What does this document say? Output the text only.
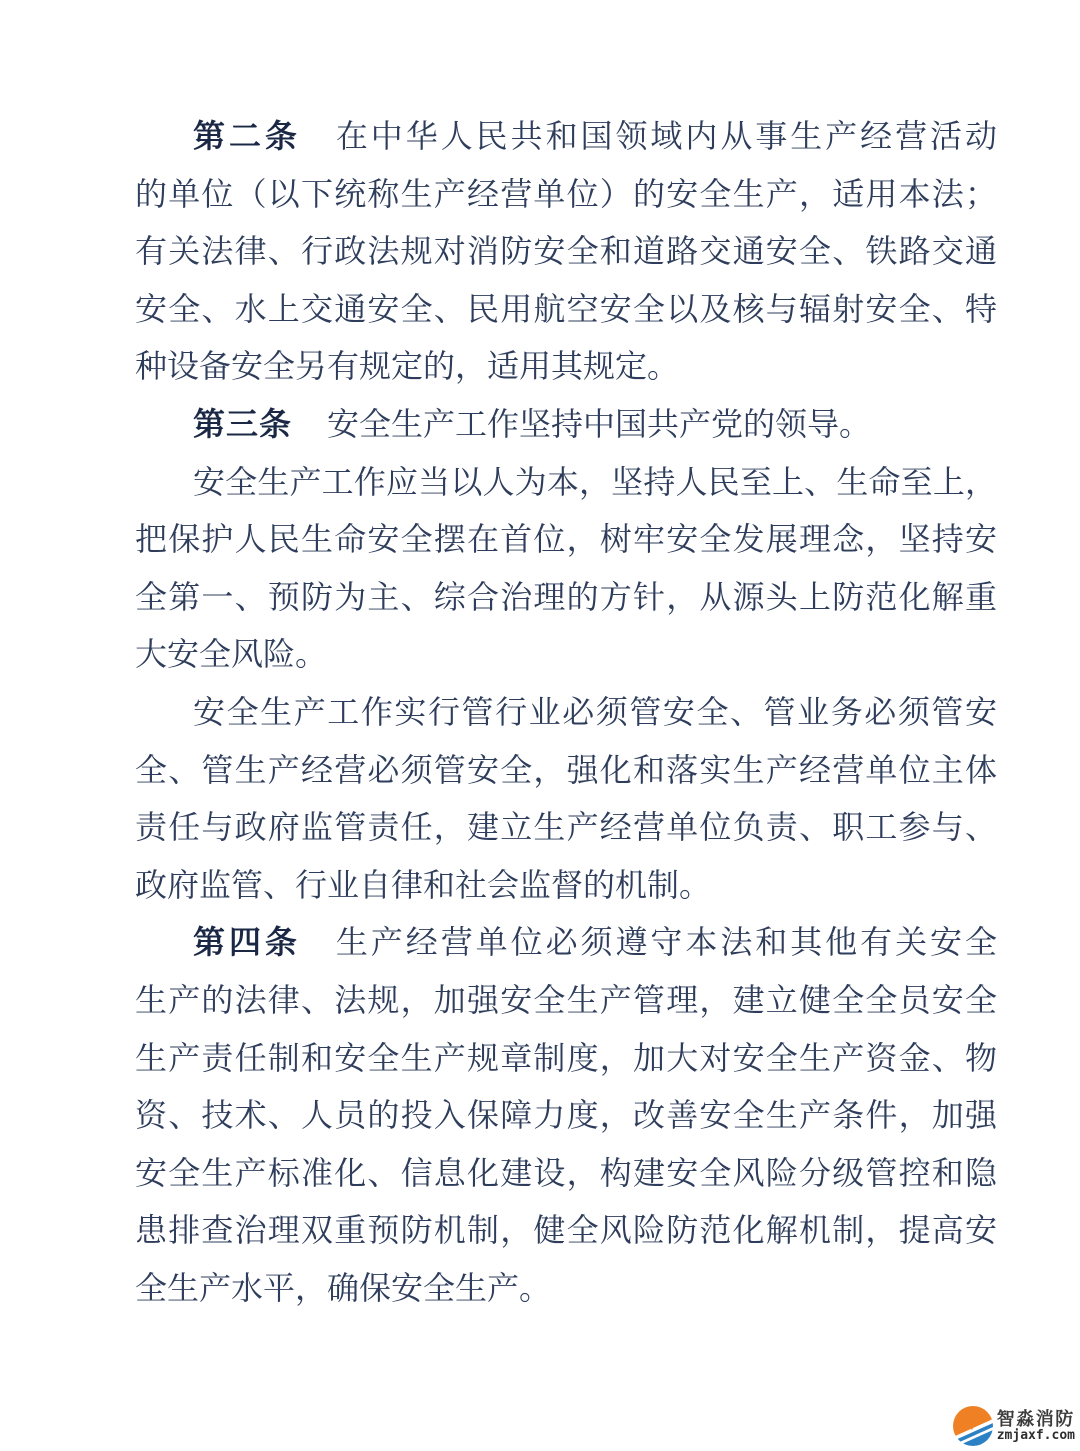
第二条 在中华人民共和国领域内从事生产经营活动
的单位（以下统称生产经营单位）的安全生产，适用本法；
有关法律、行政法规对消防安全和道路交通安全、铁路交通
安全、水上交通安全、民用航空安全以及核与辐射安全、特
种设备安全另有规定的，适用其规定。
第三条 安全生产工作坚持中国共产党的领导。
安全生产工作应当以人为本，坚持人民至上、生命至上，
把保护人民生命安全摆在首位，树牢安全发展理念，坚持安
全第一、预防为主、综合治理的方针，从源头上防范化解重
大安全风险。
安全生产工作实行管行业必须管安全、管业务必须管安
全、管生产经营必须管安全，强化和落实生产经营单位主体
责任与政府监管责任，建立生产经营单位负责、职工参与、
政府监管、行业自律和社会监督的机制。
第四条 生产经营单位必须遵守本法和其他有关安全
生产的法律、法规，加强安全生产管理，建立健全全员安全
生产责任制和安全生产规章制度，加大对安全生产资金、物
资、技术、人员的投入保障力度，改善安全生产条件，加强
安全生产标准化、信息化建设，构建安全风险分级管控和隐
患排查治理双重预防机制，健全风险防范化解机制，提高安
全生产水平，确保安全生产。
智淼消防
zmjaxf.com
